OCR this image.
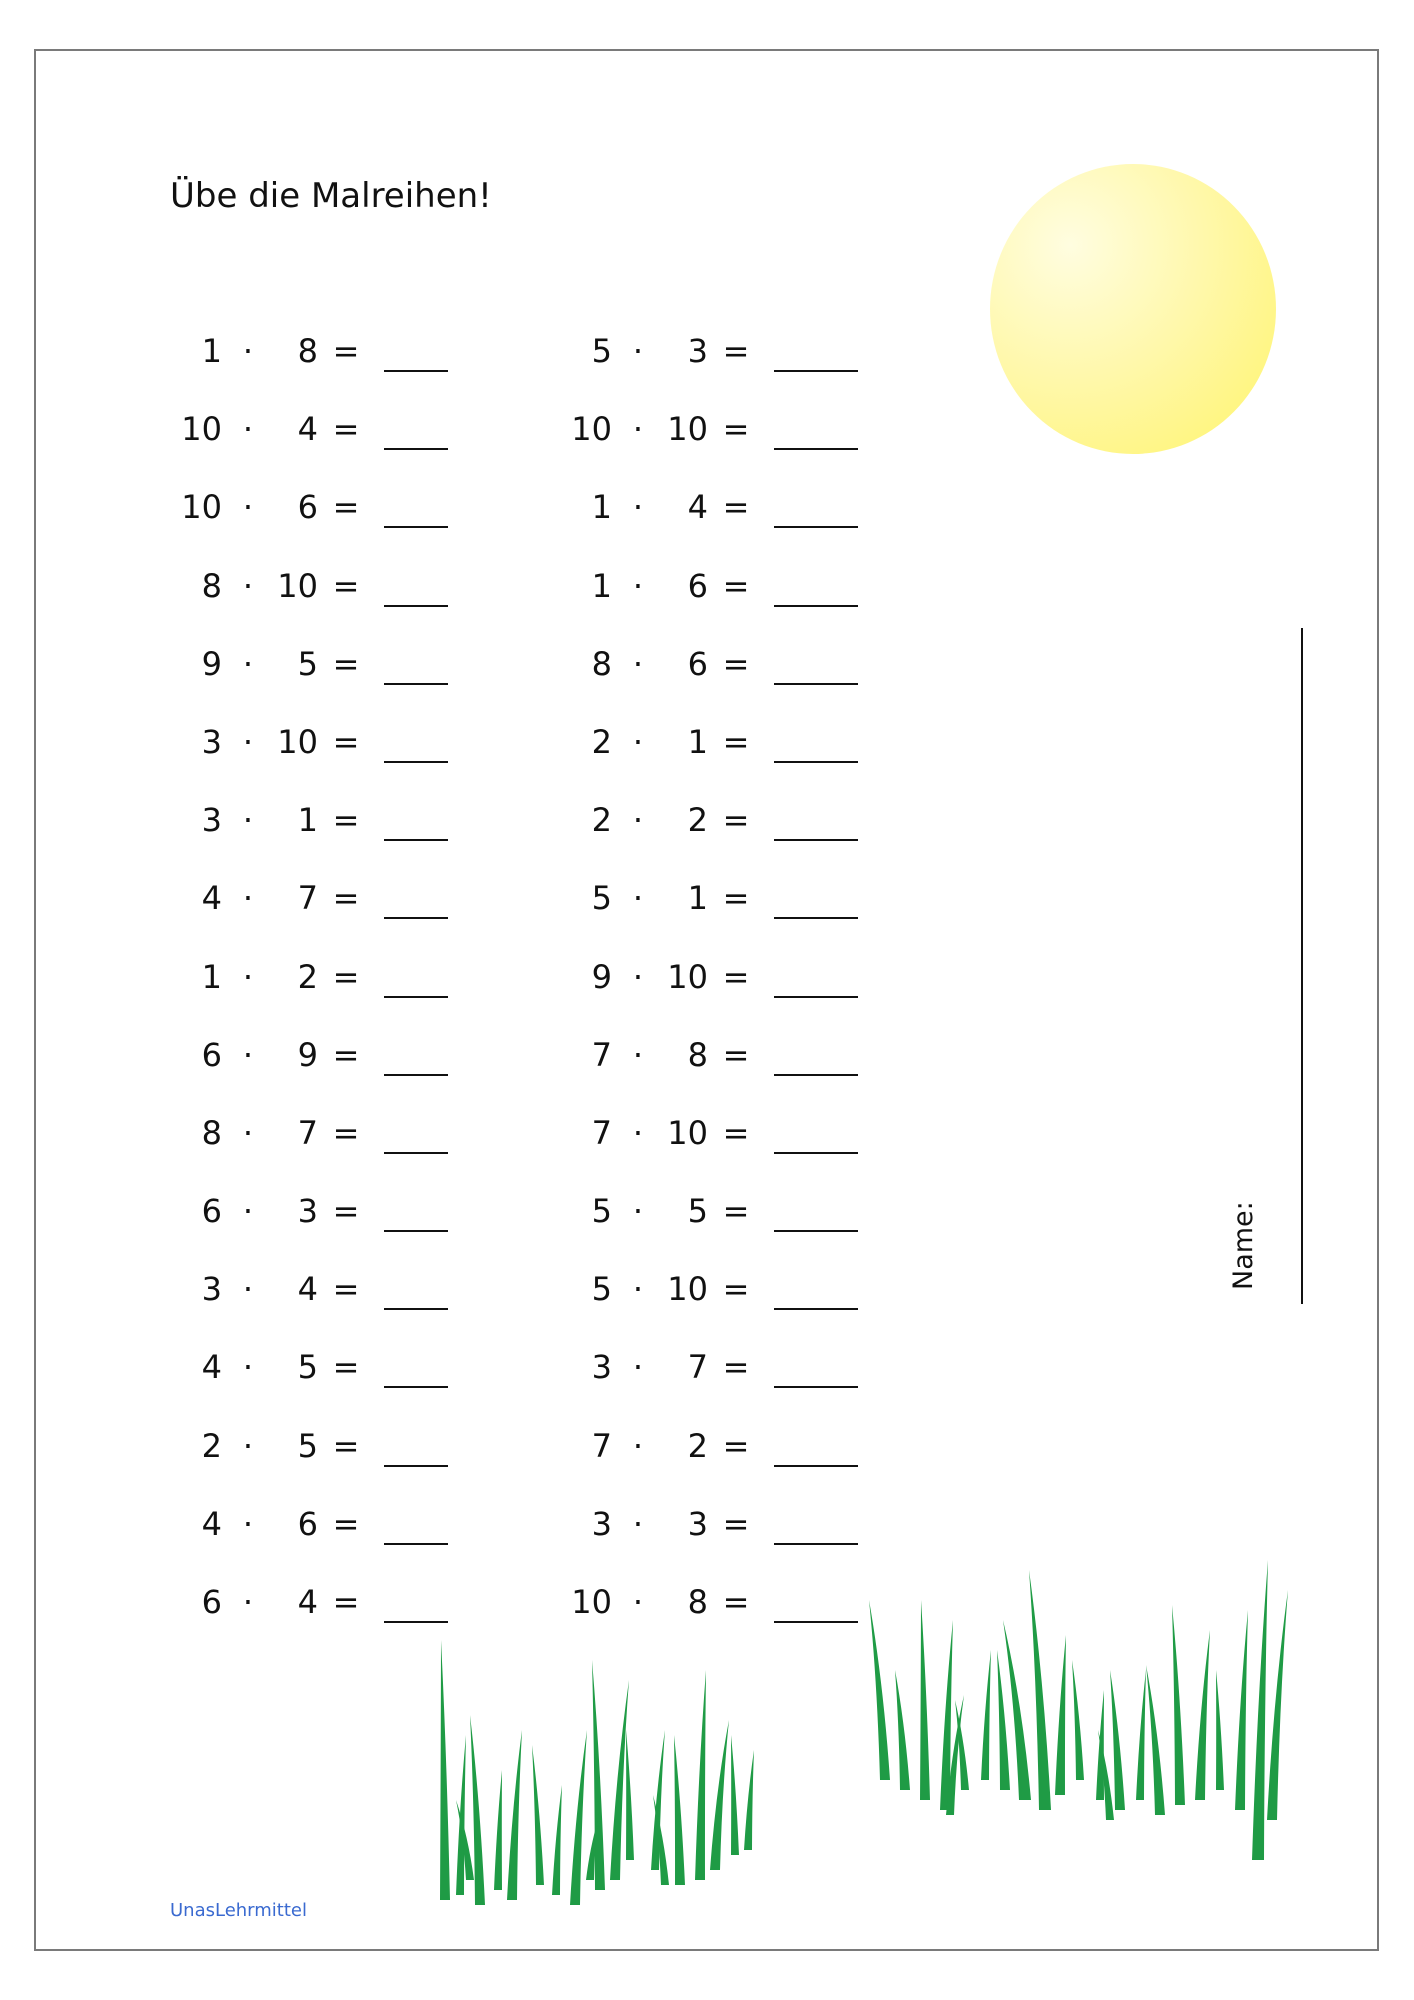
Übe die Malreihen!
1 ·	8 =
10 ·	4 =
10 ·	6 =
8 · 10 =
9 ·	5 =
3 · 10 =
3 ·	1 =
4 ·	7 =
1 ·	2 =
6 ·	9 =
8 ·	7 =
6 ·	3 =
3 ·	4 =
4 ·	5 =
2 ·	5 =
4 ·	6 =
6 ·	4 =
5 ·	3 =
10 · 10 =
1 ·	4 =
1 ·	6 =
8 ·	6 =
2 ·	1 =
2 ·	2 =
5 ·	1 =
9 · 10 =
7 ·	8 =
7 · 10 =
5 ·	5 =
5 · 10 =
3 ·	7 =
7 ·	2 =
3 ·	3 =
10 ·	8 =
Name:
UnasLehrmittel
